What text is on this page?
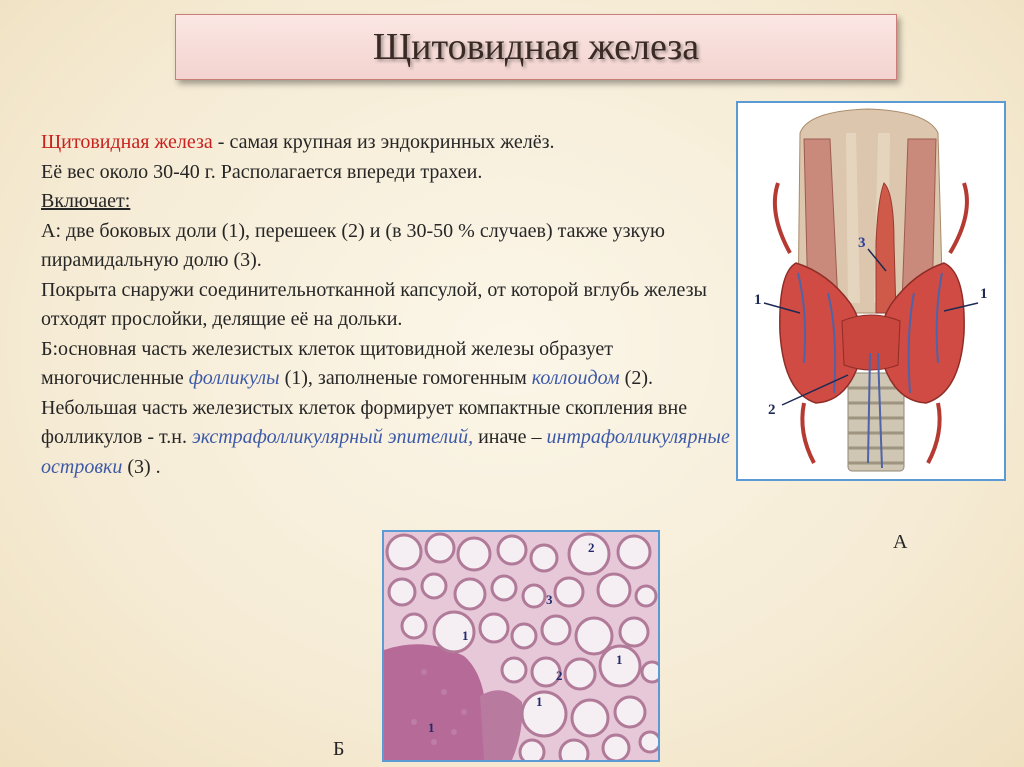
Щитовидная железа

Щитовидная железа - самая крупная из эндокринных желёз.

Её вес около 30-40 г. Располагается впереди трахеи.

Включает:

А: две боковых доли (1), перешеек (2) и (в 30-50 % случаев) также узкую пирамидальную долю (3).

Покрыта снаружи соединительнотканной капсулой, от которой вглубь железы отходят прослойки, делящие её на дольки.

Б:основная часть железистых клеток щитовидной железы образует многочисленные фолликулы (1), заполненые гомогенным коллоидом (2).

Небольшая часть железистых клеток формирует компактные скопления вне фолликулов - т.н. экстрафолликулярный эпителий, иначе – интрафолликулярные островки (3) .

1	1
2
3
А
2
3
1
1
2
1
1
Б
